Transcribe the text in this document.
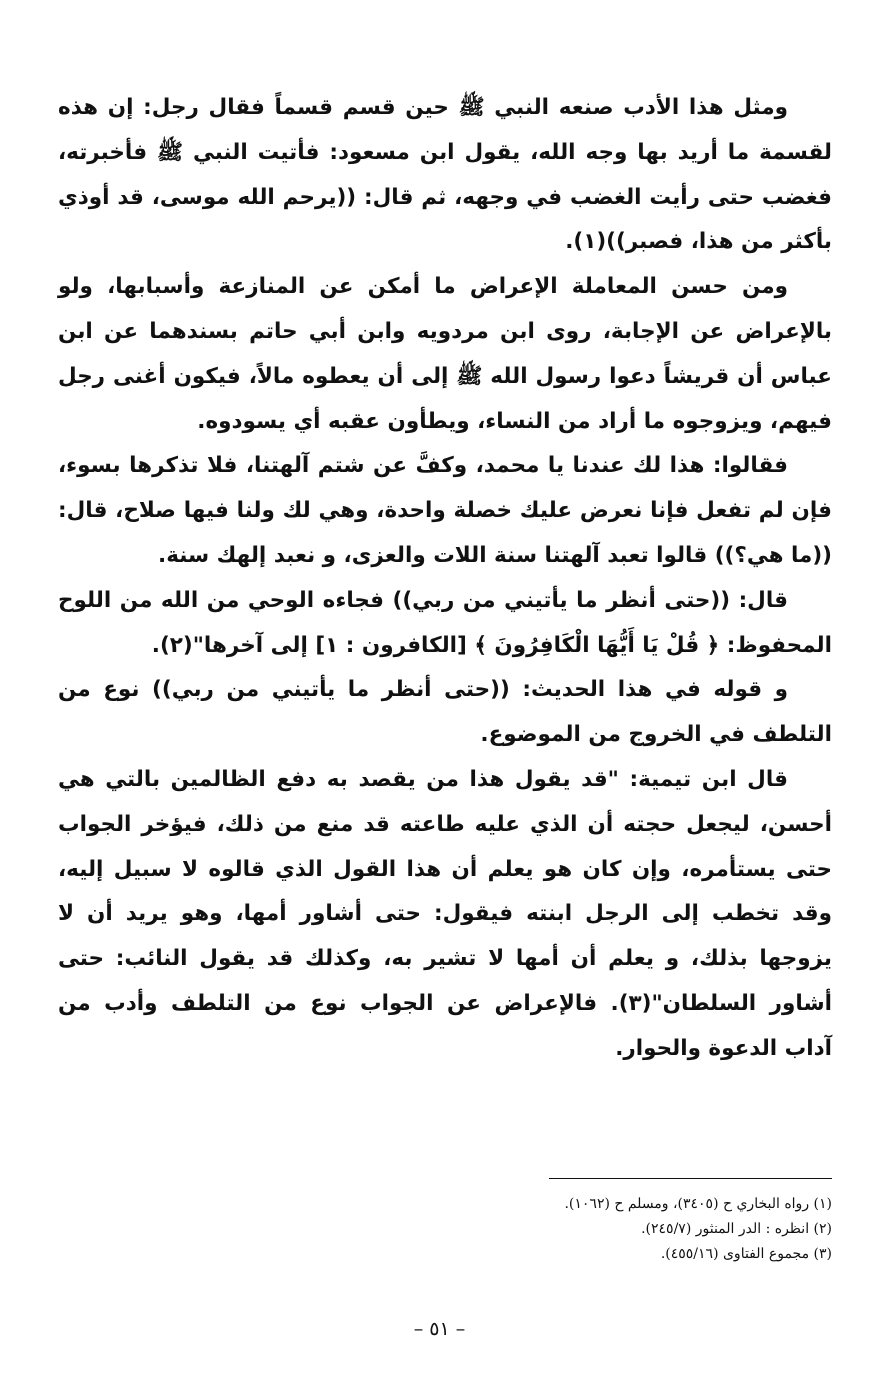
ومثل هذا الأدب صنعه النبي ﷺ حين قسم قسماً فقال رجل: إن هذه لقسمة ما أريد بها وجه الله، يقول ابن مسعود: فأتيت النبي ﷺ فأخبرته، فغضب حتى رأيت الغضب في وجهه، ثم قال: ((يرحم الله موسى، قد أوذي بأكثر من هذا، فصبر))(١).

ومن حسن المعاملة الإعراض ما أمكن عن المنازعة وأسبابها، ولو بالإعراض عن الإجابة، روى ابن مردويه وابن أبي حاتم بسندهما عن ابن عباس أن قريشاً دعوا رسول الله ﷺ إلى أن يعطوه مالاً، فيكون أغنى رجل فيهم، ويزوجوه ما أراد من النساء، ويطأون عقبه أي يسودوه.

فقالوا: هذا لك عندنا يا محمد، وكفَّ عن شتم آلهتنا، فلا تذكرها بسوء، فإن لم تفعل فإنا نعرض عليك خصلة واحدة، وهي لك ولنا فيها صلاح، قال: ((ما هي؟)) قالوا تعبد آلهتنا سنة اللات والعزى، و نعبد إلهك سنة.

قال: ((حتى أنظر ما يأتيني من ربي)) فجاءه الوحي من الله من اللوح المحفوظ: ﴿ قُلْ يَا أَيُّهَا الْكَافِرُونَ ﴾ [الكافرون : ١] إلى آخرها"(٢).

و قوله في هذا الحديث: ((حتى أنظر ما يأتيني من ربي)) نوع من التلطف في الخروج من الموضوع.

قال ابن تيمية: "قد يقول هذا من يقصد به دفع الظالمين بالتي هي أحسن، ليجعل حجته أن الذي عليه طاعته قد منع من ذلك، فيؤخر الجواب حتى يستأمره، وإن كان هو يعلم أن هذا القول الذي قالوه لا سبيل إليه، وقد تخطب إلى الرجل ابنته فيقول: حتى أشاور أمها، وهو يريد أن لا يزوجها بذلك، و يعلم أن أمها لا تشير به، وكذلك قد يقول النائب: حتى أشاور السلطان"(٣). فالإعراض عن الجواب نوع من التلطف وأدب من آداب الدعوة والحوار.

(١) رواه البخاري ح (٣٤٠٥)، ومسلم ح (١٠٦٢).

(٢) انظره : الدر المنثور (٢٤٥/٧).

(٣) مجموع الفتاوى (٤٥٥/١٦).

– ٥١ –
